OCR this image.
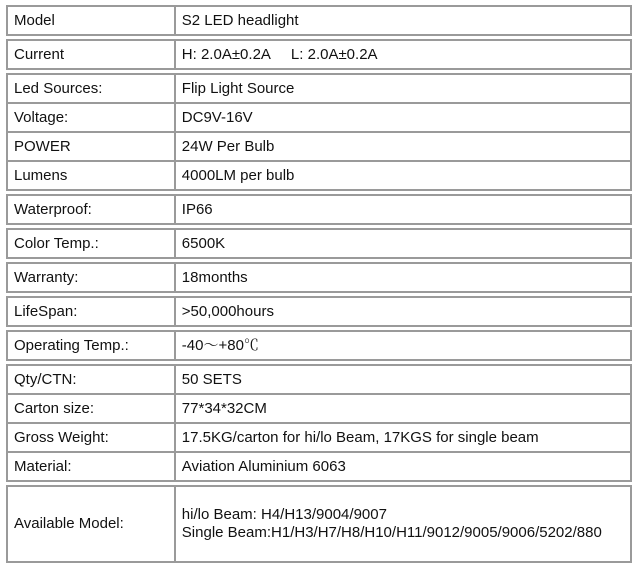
Model	S2 LED headlight

Current	H: 2.0A±0.2A     L: 2.0A±0.2A

Led Sources:	Flip Light Source
Voltage:	DC9V-16V
POWER	24W Per Bulb
Lumens	4000LM per bulb

Waterproof:	IP66

Color Temp.:	6500K

Warranty:	18months

LifeSpan:	>50,000hours

Operating Temp.:	-40～+80℃

Qty/CTN:	50 SETS
Carton size:	77*34*32CM
Gross Weight:	17.5KG/carton for hi/lo Beam, 17KGS for single beam
Material:	Aviation Aluminium 6063

Available Model:	hi/lo Beam: H4/H13/9004/9007
Single Beam:H1/H3/H7/H8/H10/H11/9012/9005/9006/5202/880
